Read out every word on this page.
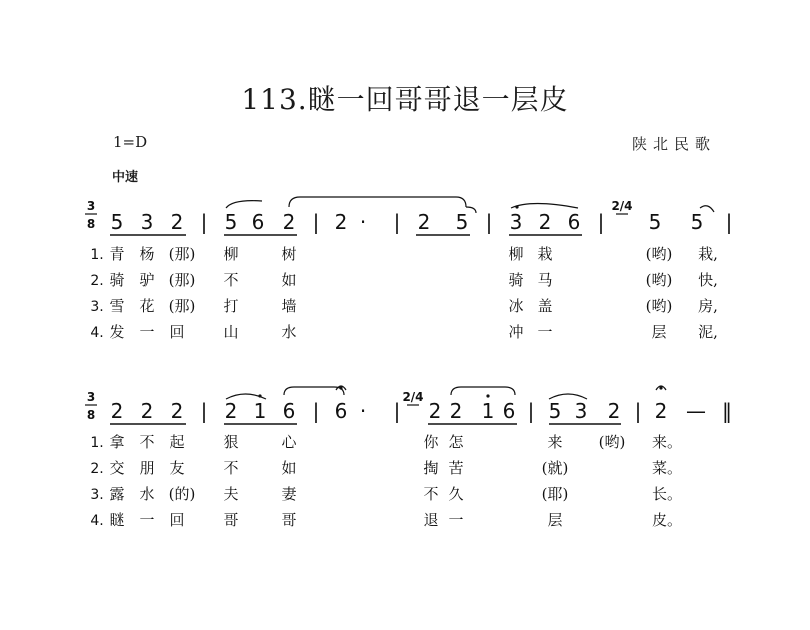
113.瞇一回哥哥退一层皮
1=D	陕北民歌
中速
3
8 5 3 2 | 5 6 2 | 2 · | 2 5 | 3 2 6 |
2/4
5 5 |
1. 青 杨 (那) 柳	树	柳 栽	(哟) 栽,
2. 骑 驴 (那) 不	如	骑 马	(哟) 快,
3. 雪 花 (那) 打	墙	冰 盖	(哟) 房,
4. 发 一 回	山	水	冲 一	层 泥,
3
8 2 2 2 | 2 1 6 | 6 · |
2/4
2 2 1 6 | 5 3 2 | 2 — ‖
1. 拿 不 起	狠	心	你 怎	来 (哟) 来。
2. 交 朋 友	不	如	掏 苦	(就)	菜。
3. 露 水 (的) 夫	妻	不 久	(耶)	长。
4. 瞇 一 回	哥	哥	退 一	层	皮。
